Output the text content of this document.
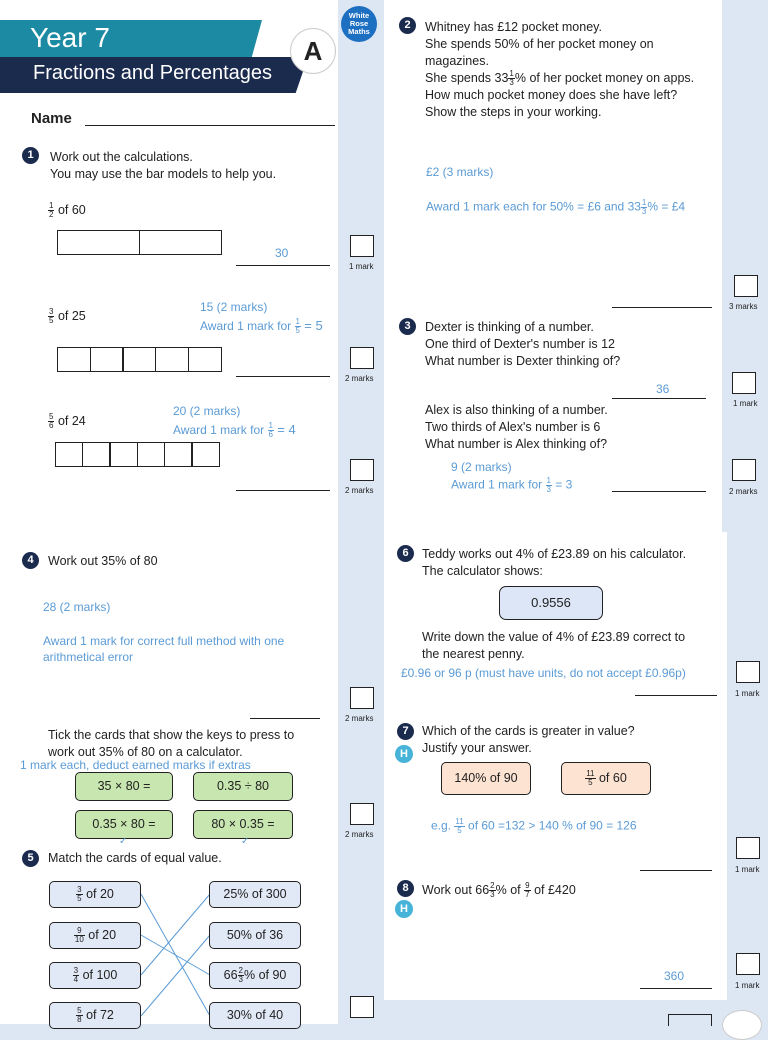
Year 7
Fractions and Percentages
A
White
Rose
Maths
Name
1	Work out the calculations.
You may use the bar models to help you.
$\frac{1}{2}$ of 60
30
1 mark
$\frac{3}{5}$ of 25
15 (2 marks)
Award 1 mark for $\frac{1}{5} = 5$
2 marks
$\frac{5}{6}$ of 24
20 (2 marks)
Award 1 mark for $\frac{1}{6} = 4$
2 marks
4	Work out 35% of 80
28 (2 marks)
Award 1 mark for correct full method with one
arithmetical error
2 marks
Tick the cards that show the keys to press to
work out 35% of 80 on a calculator.
1 mark each, deduct earned marks if extras
35 × 80 =	0.35 ÷ 80
0.35 × 80 =	80 × 0.35 =
✓	✓
2 marks
5	Match the cards of equal value.
$\frac{3}{5}$ of 20
$\frac{9}{10}$ of 20
$\frac{3}{4}$ of 100
$\frac{5}{8}$ of 72
25% of 300
50% of 36
$66 \frac{2}{3}$ % of 90
30% of 40
2	Whitney has £12 pocket money.
She spends 50% of her pocket money on
magazines.
She spends $33 \frac{1}{3}$ % of her pocket money on apps.
How much pocket money does she have left?
Show the steps in your working.
£2 (3 marks)
Award 1 mark each for 50% = £6 and $33 \frac{1}{3}$ % = £4
3 marks
3	Dexter is thinking of a number.
One third of Dexter's number is 12
What number is Dexter thinking of?
36
1 mark
Alex is also thinking of a number.
Two thirds of Alex's number is 6
What number is Alex thinking of?
9 (2 marks)
Award 1 mark for $\frac{1}{3} = 3$	2 marks
6	Teddy works out 4% of £23.89 on his calculator.
The calculator shows:
0.9556
Write down the value of 4% of £23.89 correct to
the nearest penny.
£0.96 or 96 p (must have units, do not accept £0.96p)
1 mark
7
H
Which of the cards is greater in value?
Justify your answer.
140% of 90	$\frac{11}{5}$ of 60
e.g. $\frac{11}{5}$ of 60 =132 > 140 % of 90 = 126
1 mark
8
H
Work out $66 \frac{2}{3}$ % of $\frac{9}{7}$ of £420
360
1 mark
